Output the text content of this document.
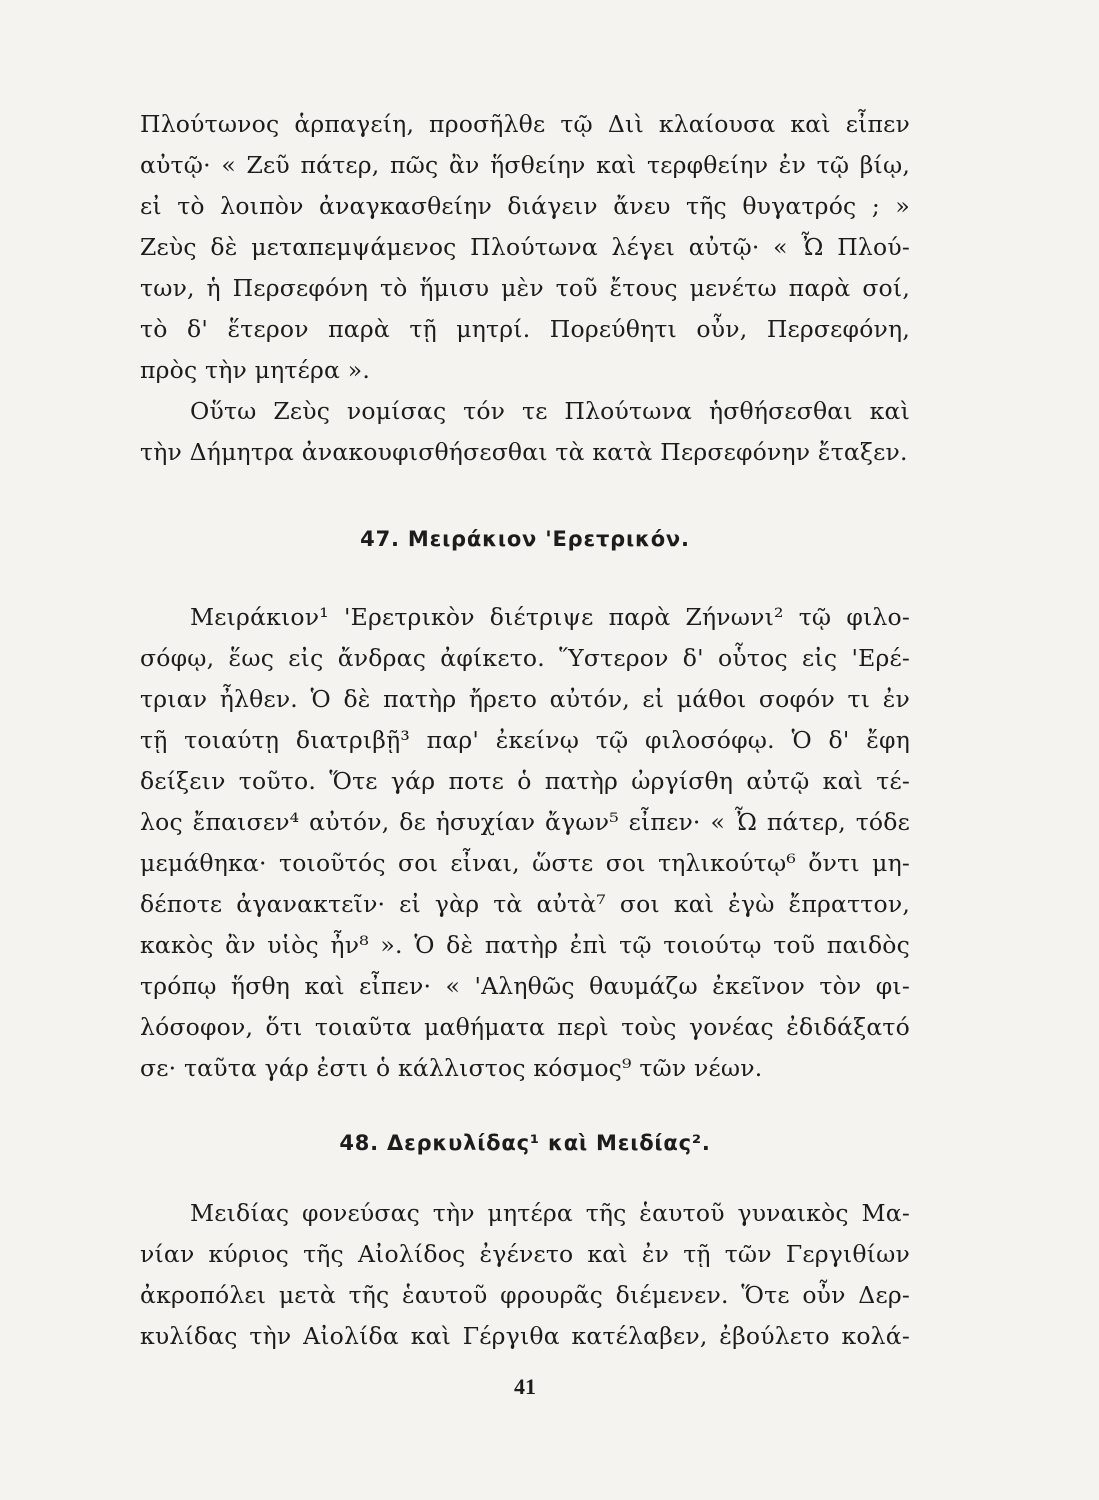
Πλούτωνος ἁρπαγείη, προσῆλθε τῷ Διὶ κλαίουσα καὶ εἶπεν
αὐτῷ· « Ζεῦ πάτερ, πῶς ἂν ἥσθείην καὶ τερφθείην ἐν τῷ βίῳ,
εἰ τὸ λοιπὸν ἀναγκασθείην διάγειν ἄνευ τῆς θυγατρός ; »
Ζεὺς δὲ μεταπεμψάμενος Πλούτωνα λέγει αὐτῷ· « Ὦ Πλού-
των, ἡ Περσεφόνη τὸ ἥμισυ μὲν τοῦ ἔτους μενέτω παρὰ σοί,
τὸ δ' ἕτερον παρὰ τῇ μητρί. Πορεύθητι οὖν, Περσεφόνη,
πρὸς τὴν μητέρα ».
Οὕτω Ζεὺς νομίσας τόν τε Πλούτωνα ἡσθήσεσθαι καὶ
τὴν Δήμητρα ἀνακουφισθήσεσθαι τὰ κατὰ Περσεφόνην ἔταξεν.
47. Μειράκιον 'Ερετρικόν.
Μειράκιον¹ 'Ερετρικὸν διέτριψε παρὰ Ζήνωνι² τῷ φιλο-
σόφῳ, ἕως εἰς ἄνδρας ἀφίκετο. Ὕστερον δ' οὗτος εἰς 'Ερέ-
τριαν ἦλθεν. Ὁ δὲ πατὴρ ἤρετο αὐτόν, εἰ μάθοι σοφόν τι ἐν
τῇ τοιαύτῃ διατριβῇ³ παρ' ἐκείνῳ τῷ φιλοσόφῳ. Ὁ δ' ἔφη
δείξειν τοῦτο. Ὅτε γάρ ποτε ὁ πατὴρ ὠργίσθη αὐτῷ καὶ τέ-
λος ἔπαισεν⁴ αὐτόν, δε ἡσυχίαν ἄγων⁵ εἶπεν· « Ὦ πάτερ, τόδε
μεμάθηκα· τοιοῦτός σοι εἶναι, ὥστε σοι τηλικούτῳ⁶ ὄντι μη-
δέποτε ἀγανακτεῖν· εἰ γὰρ τὰ αὐτὰ⁷ σοι καὶ ἐγὼ ἔπραττον,
κακὸς ἂν υἱὸς ἦν⁸ ». Ὁ δὲ πατὴρ ἐπὶ τῷ τοιούτῳ τοῦ παιδὸς
τρόπῳ ἥσθη καὶ εἶπεν· « 'Αληθῶς θαυμάζω ἐκεῖνον τὸν φι-
λόσοφον, ὅτι τοιαῦτα μαθήματα περὶ τοὺς γονέας ἐδιδάξατό
σε· ταῦτα γάρ ἐστι ὁ κάλλιστος κόσμος⁹ τῶν νέων.
48. Δερκυλίδας¹ καὶ Μειδίας².
Μειδίας φονεύσας τὴν μητέρα τῆς ἑαυτοῦ γυναικὸς Μα-
νίαν κύριος τῆς Αἰολίδος ἐγένετο καὶ ἐν τῇ τῶν Γεργιθίων
ἀκροπόλει μετὰ τῆς ἑαυτοῦ φρουρᾶς διέμενεν. Ὅτε οὖν Δερ-
κυλίδας τὴν Αἰολίδα καὶ Γέργιθα κατέλαβεν, ἐβούλετο κολά-
41
